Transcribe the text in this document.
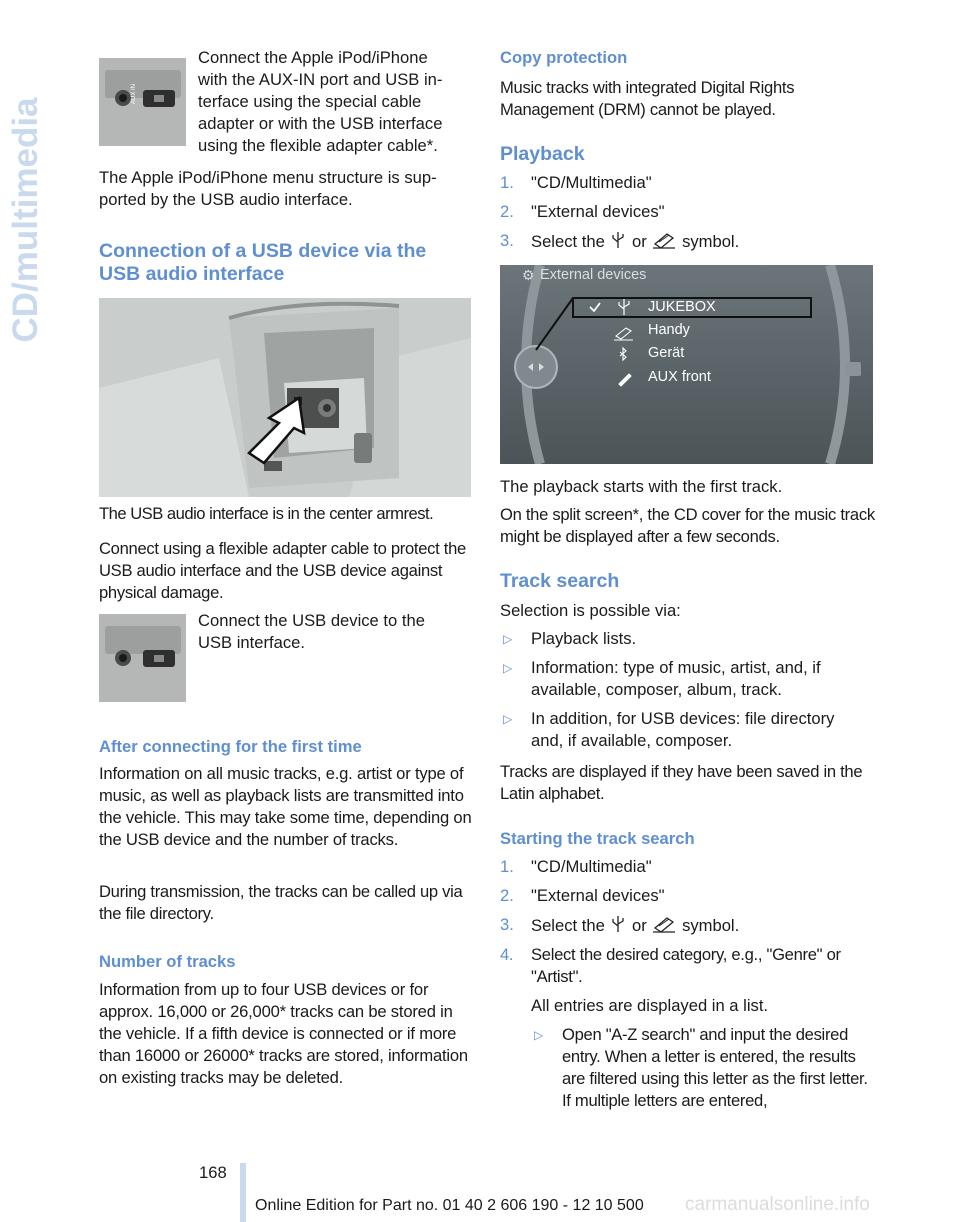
CD/multimedia
AUX IN
Connect the Apple iPod/iPhone
with the AUX-IN port and USB in-
terface using the special cable
adapter or with the USB interface
using the flexible adapter cable*.
The Apple iPod/iPhone menu structure is sup-
ported by the USB audio interface.
Connection of a USB device via the
USB audio interface

The USB audio interface is in the center armrest.

Connect using a flexible adapter cable to protect the USB audio interface and the USB device against physical damage.

Connect the USB device to the
USB interface.
After connecting for the first time

Information on all music tracks, e.g. artist or type of music, as well as playback lists are transmitted into the vehicle. This may take some time, depending on the USB device and the number of tracks.

During transmission, the tracks can be called up via the file directory.

Number of tracks

Information from up to four USB devices or for approx. 16,000 or 26,000* tracks can be stored in the vehicle. If a fifth device is connected or if more than 16000 or 26000* tracks are stored, information on existing tracks may be deleted.

Copy protection

Music tracks with integrated Digital Rights Management (DRM) cannot be played.

Playback
1. "CD/Multimedia"
2. "External devices"
3. Select the or symbol.
External devices
⚙
JUKEBOX
Handy
Gerät
AUX front

The playback starts with the first track.

On the split screen*, the CD cover for the music track might be displayed after a few seconds.

Track search

Selection is possible via:

▷ Playback lists.
▷ Information: type of music, artist, and, if available, composer, album, track.
▷ In addition, for USB devices: file directory and, if available, composer.

Tracks are displayed if they have been saved in the Latin alphabet.

Starting the track search
1. "CD/Multimedia"
2. "External devices"
3. Select the or symbol.
4. Select the desired category, e.g., "Genre" or "Artist".
All entries are displayed in a list.
▷ Open "A-Z search" and input the desired entry. When a letter is entered, the results are filtered using this letter as the first letter. If multiple letters are entered,
168
Online Edition for Part no. 01 40 2 606 190 - 12 10 500 carmanualsonline.info
